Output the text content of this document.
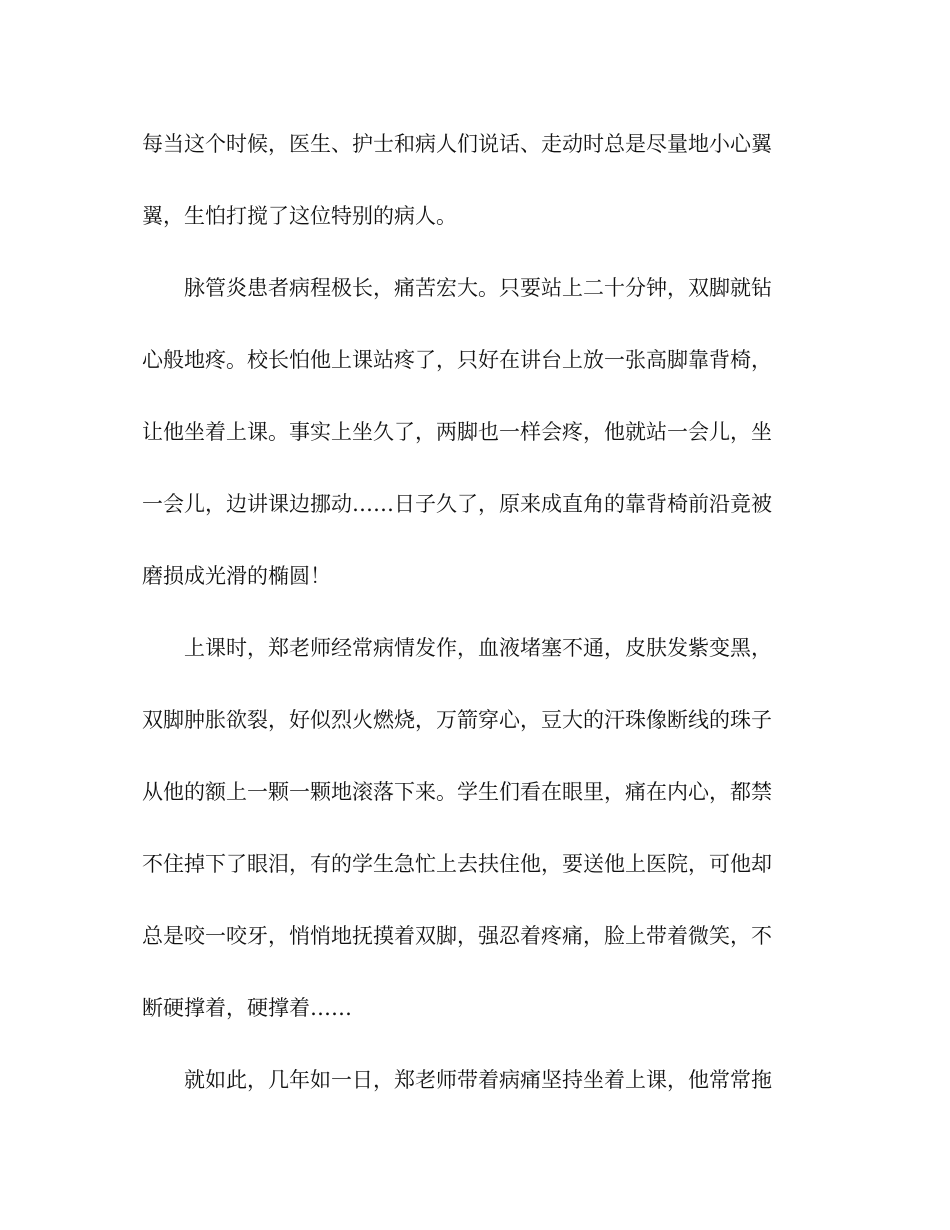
每当这个时候，医生、护士和病人们说话、走动时总是尽量地小心翼
翼，生怕打搅了这位特别的病人。
脉管炎患者病程极长，痛苦宏大。只要站上二十分钟，双脚就钻
心般地疼。校长怕他上课站疼了，只好在讲台上放一张高脚靠背椅，
让他坐着上课。事实上坐久了，两脚也一样会疼，他就站一会儿，坐
一会儿，边讲课边挪动……日子久了，原来成直角的靠背椅前沿竟被
磨损成光滑的椭圆！
上课时，郑老师经常病情发作，血液堵塞不通，皮肤发紫变黑，
双脚肿胀欲裂，好似烈火燃烧，万箭穿心，豆大的汗珠像断线的珠子
从他的额上一颗一颗地滚落下来。学生们看在眼里，痛在内心，都禁
不住掉下了眼泪，有的学生急忙上去扶住他，要送他上医院，可他却
总是咬一咬牙，悄悄地抚摸着双脚，强忍着疼痛，脸上带着微笑，不
断硬撑着，硬撑着……
就如此，几年如一日，郑老师带着病痛坚持坐着上课，他常常拖
